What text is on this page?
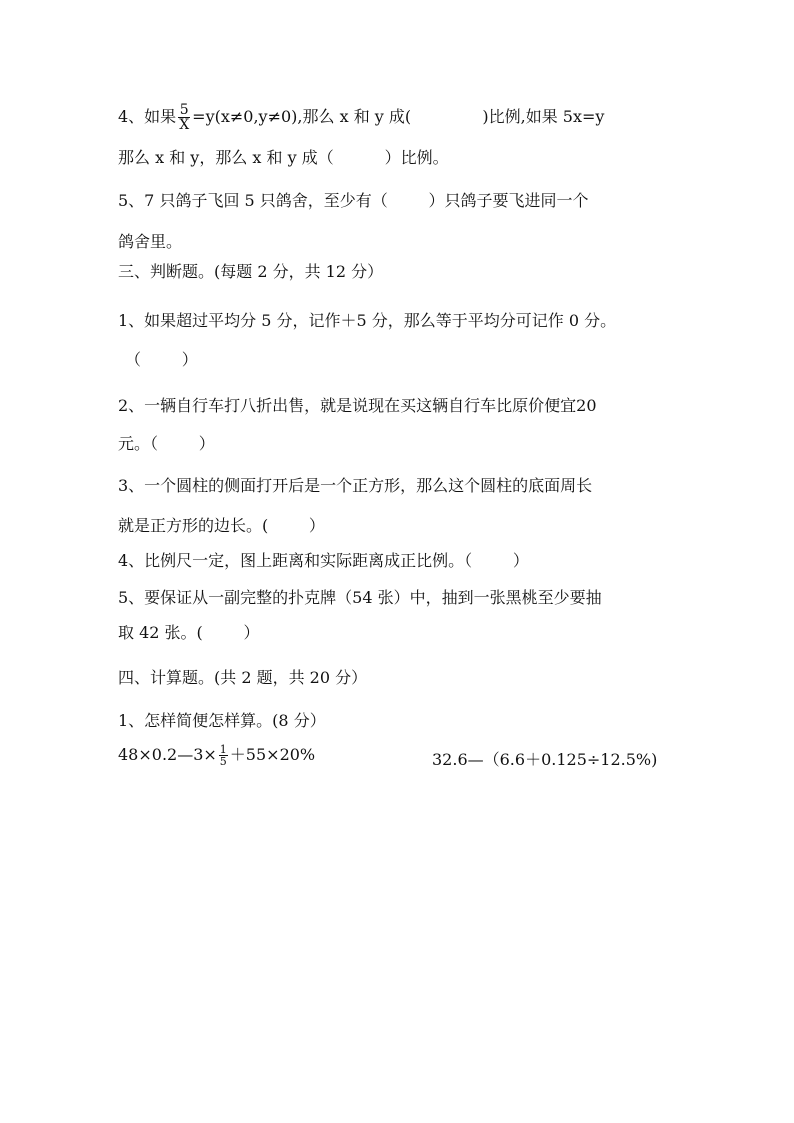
4、如果 $\frac{5}{X} =y(x\ne 0,y\ne 0)$,那么 x 和 y 成(	)比例,如果 5x=y
那么 x 和 y，那么 x 和 y 成（          ）比例。
5、7 只鸽子飞回 5 只鸽舍，至少有（        ）只鸽子要飞进同一个
鸽舍里。
三、判断题。(每题 2 分，共 12 分）
1、如果超过平均分 5 分，记作＋5 分，那么等于平均分可记作 0 分。
（        ）
2、一辆自行车打八折出售，就是说现在买这辆自行车比原价便宜20
元。（        ）
3、一个圆柱的侧面打开后是一个正方形，那么这个圆柱的底面周长
就是正方形的边长。(        ）
4、比例尺一定，图上距离和实际距离成正比例。（        ）
5、要保证从一副完整的扑克牌（54 张）中，抽到一张黑桃至少要抽
取 42 张。(        ）
四、计算题。(共 2 题，共 20 分）
1、怎样简便怎样算。(8 分）
48×0.2—3× $\frac{1}{5} +55\times 20\%$	32.6—（6.6＋0.125÷12.5%)
